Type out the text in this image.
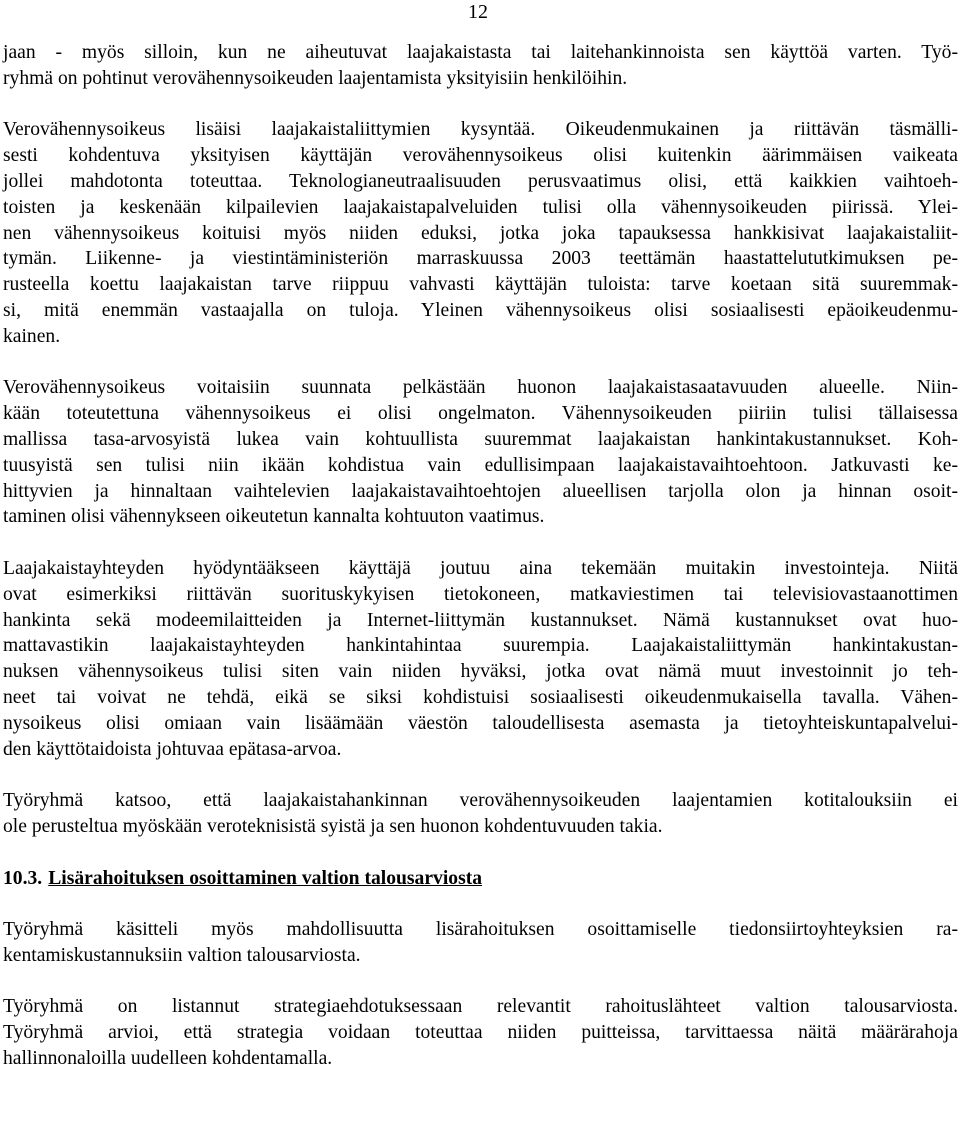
12
jaan - myös silloin, kun ne aiheutuvat laajakaistasta tai laitehankinnoista sen käyttöä varten. Työ-
ryhmä on pohtinut verovähennysoikeuden laajentamista yksityisiin henkilöihin.
Verovähennysoikeus lisäisi laajakaistaliittymien kysyntää. Oikeudenmukainen ja riittävän täsmälli-
sesti kohdentuva yksityisen käyttäjän verovähennysoikeus olisi kuitenkin äärimmäisen vaikeata
jollei mahdotonta toteuttaa. Teknologianeutraalisuuden perusvaatimus olisi, että kaikkien vaihtoeh-
toisten ja keskenään kilpailevien laajakaistapalveluiden tulisi olla vähennysoikeuden piirissä. Ylei-
nen vähennysoikeus koituisi myös niiden eduksi, jotka joka tapauksessa hankkisivat laajakaistaliit-
tymän. Liikenne- ja viestintäministeriön marraskuussa 2003 teettämän haastattelututkimuksen pe-
rusteella koettu laajakaistan tarve riippuu vahvasti käyttäjän tuloista: tarve koetaan sitä suuremmak-
si, mitä enemmän vastaajalla on tuloja. Yleinen vähennysoikeus olisi sosiaalisesti epäoikeudenmu-
kainen.
Verovähennysoikeus voitaisiin suunnata pelkästään huonon laajakaistasaatavuuden alueelle. Niin-
kään toteutettuna vähennysoikeus ei olisi ongelmaton. Vähennysoikeuden piiriin tulisi tällaisessa
mallissa tasa-arvosyistä lukea vain kohtuullista suuremmat laajakaistan hankintakustannukset. Koh-
tuusyistä sen tulisi niin ikään kohdistua vain edullisimpaan laajakaistavaihtoehtoon. Jatkuvasti ke-
hittyvien ja hinnaltaan vaihtelevien laajakaistavaihtoehtojen alueellisen tarjolla olon ja hinnan osoit-
taminen olisi vähennykseen oikeutetun kannalta kohtuuton vaatimus.
Laajakaistayhteyden hyödyntääkseen käyttäjä joutuu aina tekemään muitakin investointeja. Niitä
ovat esimerkiksi riittävän suorituskykyisen tietokoneen, matkaviestimen tai televisiovastaanottimen
hankinta sekä modeemilaitteiden ja Internet-liittymän kustannukset. Nämä kustannukset ovat huo-
mattavastikin laajakaistayhteyden hankintahintaa suurempia. Laajakaistaliittymän hankintakustan-
nuksen vähennysoikeus tulisi siten vain niiden hyväksi, jotka ovat nämä muut investoinnit jo teh-
neet tai voivat ne tehdä, eikä se siksi kohdistuisi sosiaalisesti oikeudenmukaisella tavalla. Vähen-
nysoikeus olisi omiaan vain lisäämään väestön taloudellisesta asemasta ja tietoyhteiskuntapalvelui-
den käyttötaidoista johtuvaa epätasa-arvoa.
Työryhmä katsoo, että laajakaistahankinnan verovähennysoikeuden laajentamien kotitalouksiin ei
ole perusteltua myöskään veroteknisistä syistä ja sen huonon kohdentuvuuden takia.
10.3. Lisärahoituksen osoittaminen valtion talousarviosta
Työryhmä käsitteli myös mahdollisuutta lisärahoituksen osoittamiselle tiedonsiirtoyhteyksien ra-
kentamiskustannuksiin valtion talousarviosta.
Työryhmä on listannut strategiaehdotuksessaan relevantit rahoituslähteet valtion talousarviosta.
Työryhmä arvioi, että strategia voidaan toteuttaa niiden puitteissa, tarvittaessa näitä määrärahoja
hallinnonaloilla uudelleen kohdentamalla.
